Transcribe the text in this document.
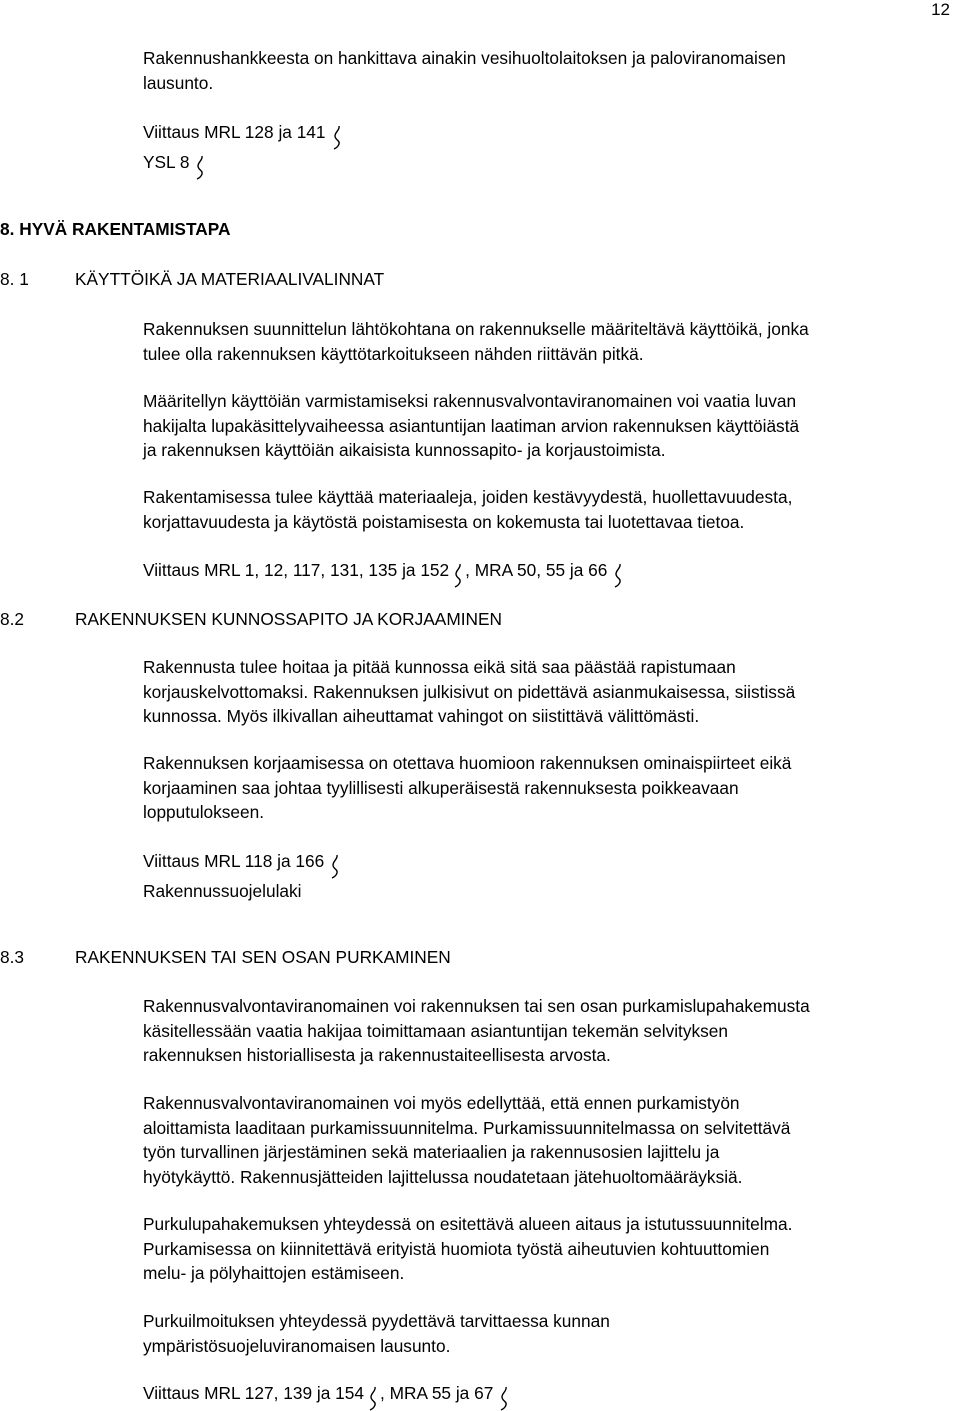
12
Rakennushankkeesta on hankittava ainakin vesihuoltolaitoksen ja paloviranomaisen
lausunto.
Viittaus MRL 128 ja 141
YSL 8
8. HYVÄ RAKENTAMISTAPA
8. 1	KÄYTTÖIKÄ JA MATERIAALIVALINNAT
Rakennuksen suunnittelun lähtökohtana on rakennukselle määriteltävä käyttöikä, jonka
tulee olla rakennuksen käyttötarkoitukseen nähden riittävän pitkä.
Määritellyn käyttöiän varmistamiseksi rakennusvalvontaviranomainen voi vaatia luvan
hakijalta lupakäsittelyvaiheessa asiantuntijan laatiman arvion rakennuksen käyttöiästä
ja rakennuksen käyttöiän aikaisista kunnossapito- ja korjaustoimista.
Rakentamisessa tulee käyttää materiaaleja, joiden kestävyydestä, huollettavuudesta,
korjattavuudesta ja käytöstä poistamisesta on kokemusta tai luotettavaa tietoa.
Viittaus MRL 1, 12, 117, 131, 135 ja 152 , MRA 50, 55 ja 66
8.2	RAKENNUKSEN KUNNOSSAPITO JA KORJAAMINEN
Rakennusta tulee hoitaa ja pitää kunnossa eikä sitä saa päästää rapistumaan
korjauskelvottomaksi. Rakennuksen julkisivut on pidettävä asianmukaisessa, siistissä
kunnossa. Myös ilkivallan aiheuttamat vahingot on siistittävä välittömästi.
Rakennuksen korjaamisessa on otettava huomioon rakennuksen ominaispiirteet eikä
korjaaminen saa johtaa tyylillisesti alkuperäisestä rakennuksesta poikkeavaan
lopputulokseen.
Viittaus MRL 118 ja 166
Rakennussuojelulaki
8.3	RAKENNUKSEN TAI SEN OSAN PURKAMINEN
Rakennusvalvontaviranomainen voi rakennuksen tai sen osan purkamislupahakemusta
käsitellessään vaatia hakijaa toimittamaan asiantuntijan tekemän selvityksen
rakennuksen historiallisesta ja rakennustaiteellisesta arvosta.
Rakennusvalvontaviranomainen voi myös edellyttää, että ennen purkamistyön
aloittamista laaditaan purkamissuunnitelma. Purkamissuunnitelmassa on selvitettävä
työn turvallinen järjestäminen sekä materiaalien ja rakennusosien lajittelu ja
hyötykäyttö. Rakennusjätteiden lajittelussa noudatetaan jätehuoltomääräyksiä.
Purkulupahakemuksen yhteydessä on esitettävä alueen aitaus ja istutussuunnitelma.
Purkamisessa on kiinnitettävä erityistä huomiota työstä aiheutuvien kohtuuttomien
melu- ja pölyhaittojen estämiseen.
Purkuilmoituksen yhteydessä pyydettävä tarvittaessa kunnan
ympäristösuojeluviranomaisen lausunto.
Viittaus MRL 127, 139 ja 154 , MRA 55 ja 67
